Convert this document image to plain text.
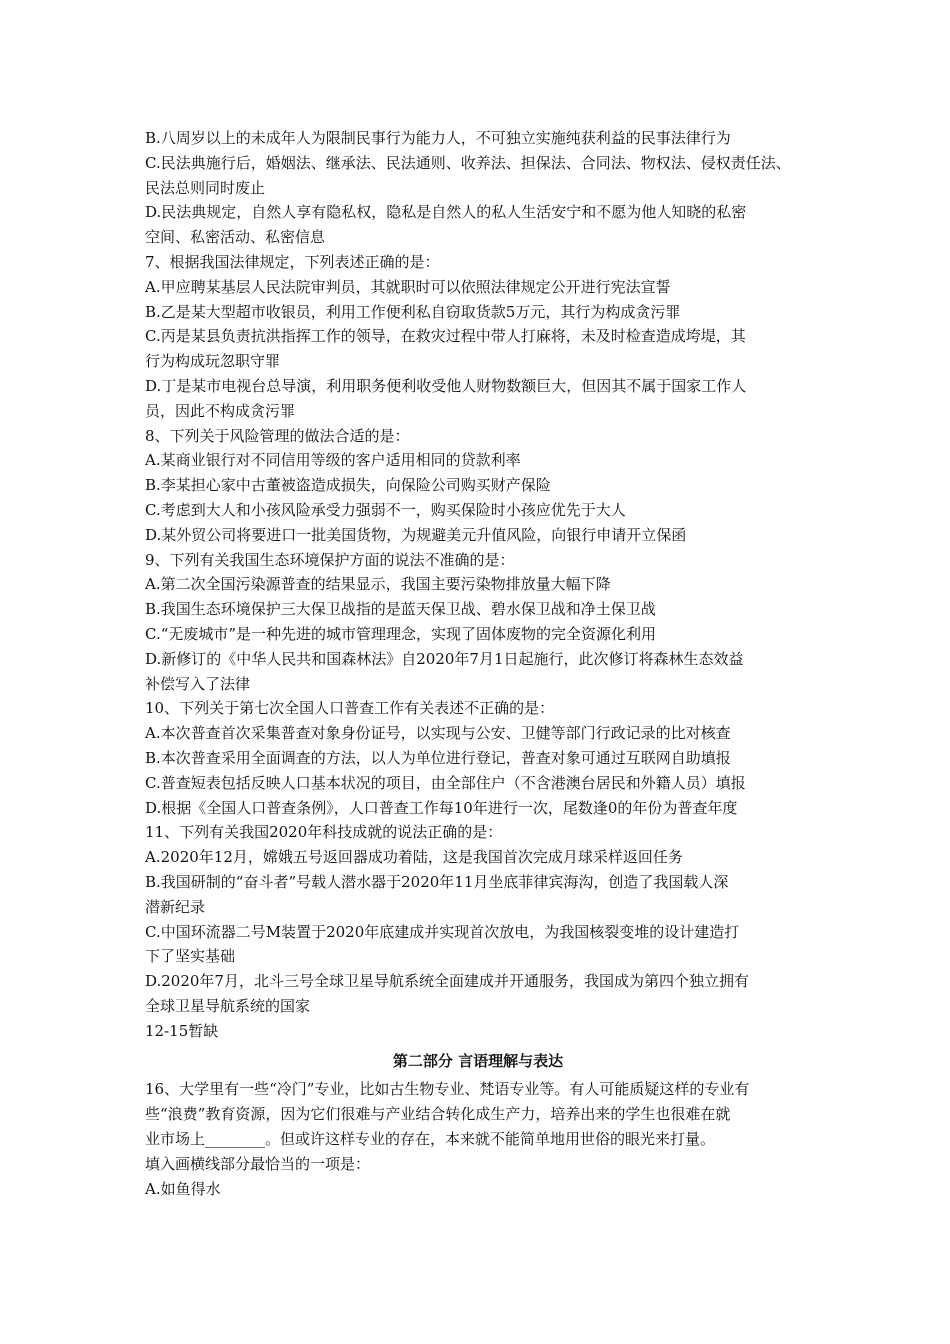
B.八周岁以上的未成年人为限制民事行为能力人，不可独立实施纯获利益的民事法律行为
C.民法典施行后，婚姻法、继承法、民法通则、收养法、担保法、合同法、物权法、侵权责任法、
民法总则同时废止
D.民法典规定，自然人享有隐私权，隐私是自然人的私人生活安宁和不愿为他人知晓的私密
空间、私密活动、私密信息
7、根据我国法律规定，下列表述正确的是：
A.甲应聘某基层人民法院审判员，其就职时可以依照法律规定公开进行宪法宣誓
B.乙是某大型超市收银员，利用工作便利私自窃取货款5万元，其行为构成贪污罪
C.丙是某县负责抗洪指挥工作的领导，在救灾过程中带人打麻将，未及时检查造成垮堤，其
行为构成玩忽职守罪
D.丁是某市电视台总导演，利用职务便利收受他人财物数额巨大，但因其不属于国家工作人
员，因此不构成贪污罪
8、下列关于风险管理的做法合适的是：
A.某商业银行对不同信用等级的客户适用相同的贷款利率
B.李某担心家中古董被盗造成损失，向保险公司购买财产保险
C.考虑到大人和小孩风险承受力强弱不一，购买保险时小孩应优先于大人
D.某外贸公司将要进口一批美国货物，为规避美元升值风险，向银行申请开立保函
9、下列有关我国生态环境保护方面的说法不准确的是：
A.第二次全国污染源普查的结果显示，我国主要污染物排放量大幅下降
B.我国生态环境保护三大保卫战指的是蓝天保卫战、碧水保卫战和净土保卫战
C.“无废城市”是一种先进的城市管理理念，实现了固体废物的完全资源化利用
D.新修订的《中华人民共和国森林法》自2020年7月1日起施行，此次修订将森林生态效益
补偿写入了法律
10、下列关于第七次全国人口普查工作有关表述不正确的是：
A.本次普查首次采集普查对象身份证号，以实现与公安、卫健等部门行政记录的比对核查
B.本次普查采用全面调查的方法，以人为单位进行登记，普查对象可通过互联网自助填报
C.普查短表包括反映人口基本状况的项目，由全部住户（不含港澳台居民和外籍人员）填报
D.根据《全国人口普查条例》，人口普查工作每10年进行一次，尾数逢0的年份为普查年度
11、下列有关我国2020年科技成就的说法正确的是：
A.2020年12月，嫦娥五号返回器成功着陆，这是我国首次完成月球采样返回任务
B.我国研制的“奋斗者”号载人潜水器于2020年11月坐底菲律宾海沟，创造了我国载人深
潜新纪录
C.中国环流器二号M装置于2020年底建成并实现首次放电，为我国核裂变堆的设计建造打
下了坚实基础
D.2020年7月，北斗三号全球卫星导航系统全面建成并开通服务，我国成为第四个独立拥有
全球卫星导航系统的国家
12-15暂缺
第二部分 言语理解与表达
16、大学里有一些“冷门”专业，比如古生物专业、梵语专业等。有人可能质疑这样的专业有
些“浪费”教育资源，因为它们很难与产业结合转化成生产力，培养出来的学生也很难在就
业市场上________。但或许这样专业的存在，本来就不能简单地用世俗的眼光来打量。
填入画横线部分最恰当的一项是：
A.如鱼得水
